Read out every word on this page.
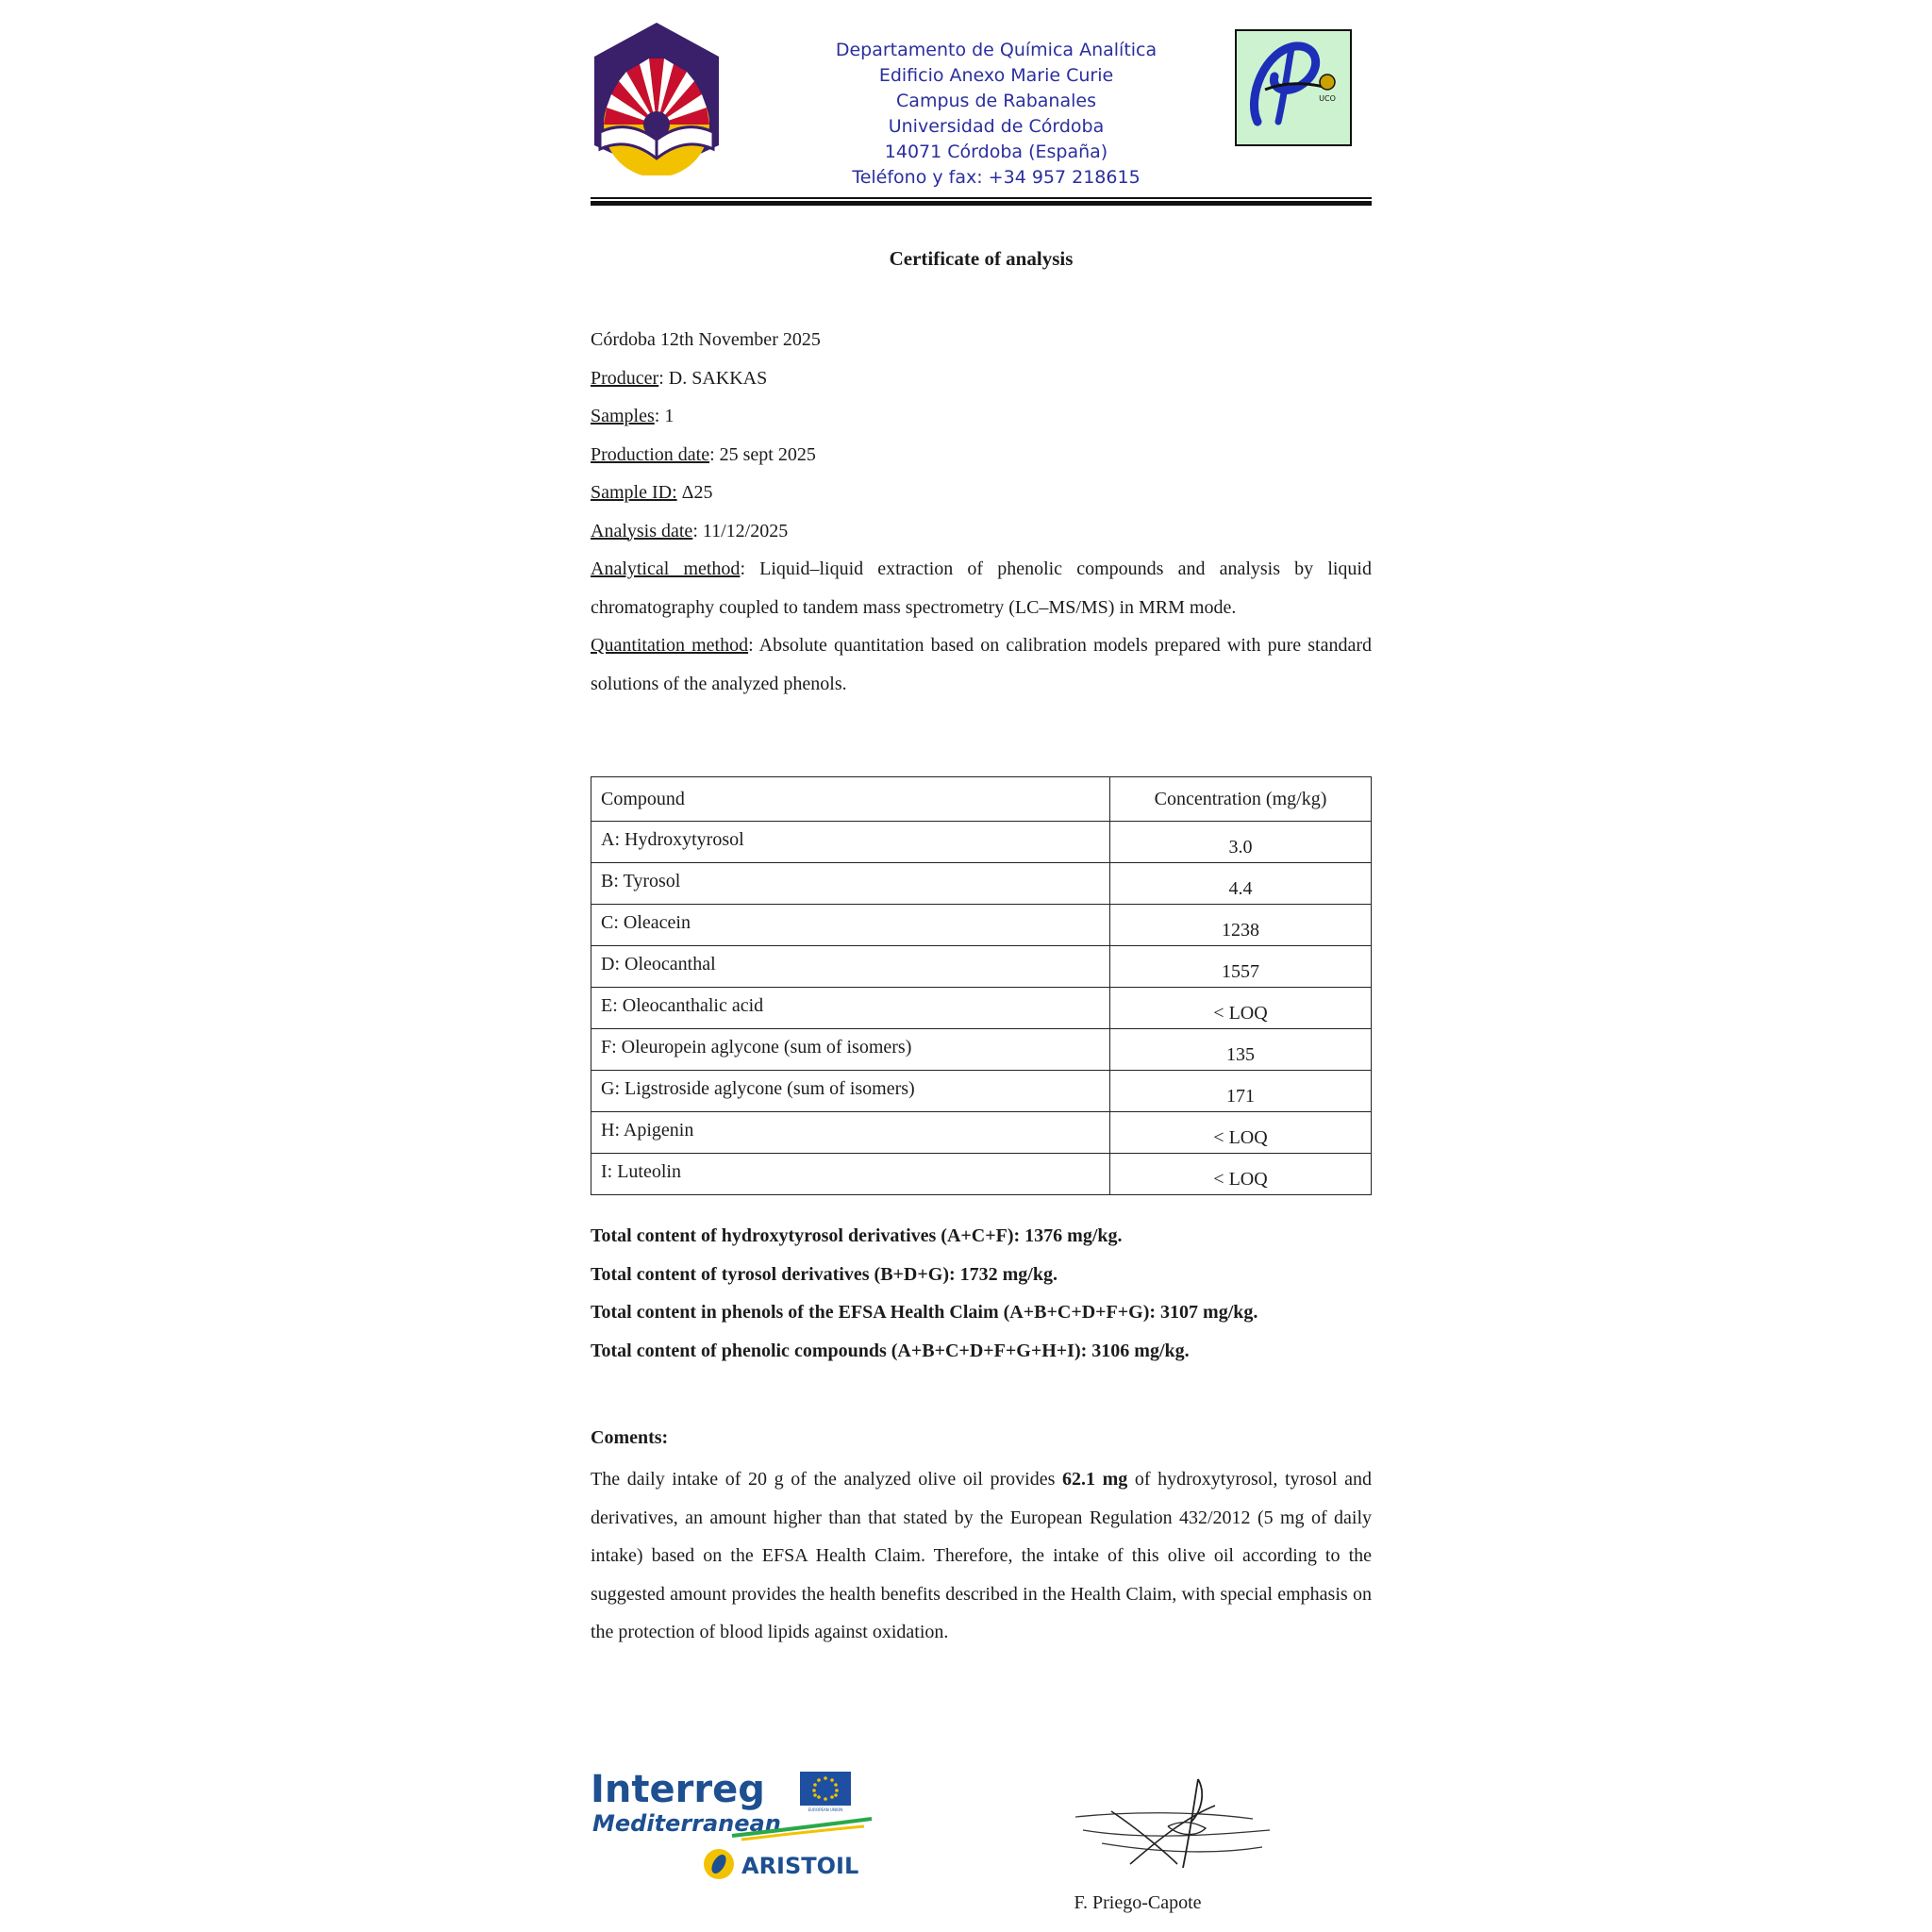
Departamento de Química Analítica
Edificio Anexo Marie Curie
Campus de Rabanales
Universidad de Córdoba
14071 Córdoba (España)
Teléfono y fax: +34 957 218615
UCO
Certificate of analysis

Córdoba 12th November 2025

Producer: D. SAKKAS

Samples: 1

Production date: 25 sept 2025

Sample ID: Δ25

Analysis date: 11/12/2025

Analytical method: Liquid–liquid extraction of phenolic compounds and analysis by liquid chromatography coupled to tandem mass spectrometry (LC–MS/MS) in MRM mode.

Quantitation method: Absolute quantitation based on calibration models prepared with pure standard solutions of the analyzed phenols.

Compound	Concentration (mg/kg)
A: Hydroxytyrosol	3.0
B: Tyrosol	4.4
C: Oleacein	1238
D: Oleocanthal	1557
E: Oleocanthalic acid	< LOQ
F: Oleuropein aglycone (sum of isomers)	135
G: Ligstroside aglycone (sum of isomers)	171
H: Apigenin	< LOQ
I: Luteolin	< LOQ

Total content of hydroxytyrosol derivatives (A+C+F): 1376 mg/kg.

Total content of tyrosol derivatives (B+D+G): 1732 mg/kg.

Total content in phenols of the EFSA Health Claim (A+B+C+D+F+G): 3107 mg/kg.

Total content of phenolic compounds (A+B+C+D+F+G+H+I): 3106 mg/kg.

Coments:

The daily intake of 20 g of the analyzed olive oil provides 62.1 mg of hydroxytyrosol, tyrosol and derivatives, an amount higher than that stated by the European Regulation 432/2012 (5 mg of daily intake) based on the EFSA Health Claim. Therefore, the intake of this olive oil according to the suggested amount provides the health benefits described in the Health Claim, with special emphasis on the protection of blood lipids against oxidation.

Interreg	EUROPEAN UNION
Mediterranean
ARISTOIL
F. Priego-Capote
